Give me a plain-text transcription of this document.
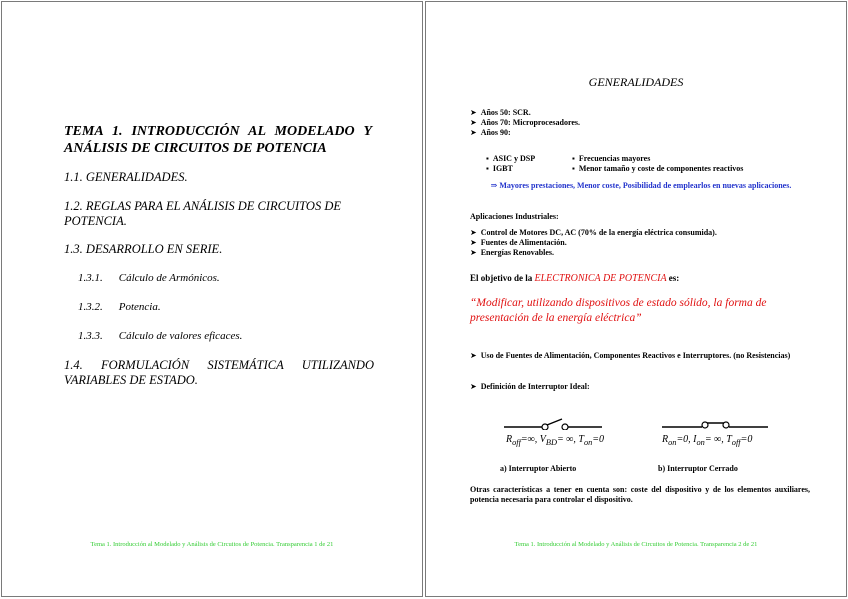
TEMA 1. INTRODUCCIÓN AL MODELADO Y ANÁLISIS DE CIRCUITOS DE POTENCIA
1.1. GENERALIDADES.
1.2. REGLAS PARA EL ANÁLISIS DE CIRCUITOS DE POTENCIA.
1.3. DESARROLLO EN SERIE.
1.3.1. Cálculo de Armónicos.
1.3.2. Potencia.
1.3.3. Cálculo de valores eficaces.
1.4. FORMULACIÓN SISTEMÁTICA UTILIZANDO VARIABLES DE ESTADO.
Tema 1. Introducción al Modelado y Análisis de Circuitos de Potencia. Transparencia 1 de 21
GENERALIDADES
➤ Años 50: SCR.
➤ Años 70: Microprocesadores.
➤ Años 90:
▪ ASIC y DSP
▪ IGBT
▪ Frecuencias mayores
▪ Menor tamaño y coste de componentes reactivos
⇒ Mayores prestaciones, Menor coste, Posibilidad de emplearlos en nuevas aplicaciones.
Aplicaciones Industriales:
➤ Control de Motores DC, AC (70% de la energía eléctrica consumida).
➤ Fuentes de Alimentación.
➤ Energías Renovables.
El objetivo de la ELECTRONICA DE POTENCIA es:
“Modificar, utilizando dispositivos de estado sólido, la forma de presentación de la energía eléctrica”
➤ Uso de Fuentes de Alimentación, Componentes Reactivos e Interruptores. (no Resistencias)
➤ Definición de Interruptor Ideal:
$R_{off}=\infty$, $V_{BD}=$ ∞, $T_{on}=0$
a) Interruptor Abierto
$R_{on}=0$, $I_{on}=$ ∞, $T_{off}=0$
b) Interruptor Cerrado
Otras características a tener en cuenta son: coste del dispositivo y de los elementos auxiliares, potencia necesaria para controlar el dispositivo.
Tema 1. Introducción al Modelado y Análisis de Circuitos de Potencia. Transparencia 2 de 21
